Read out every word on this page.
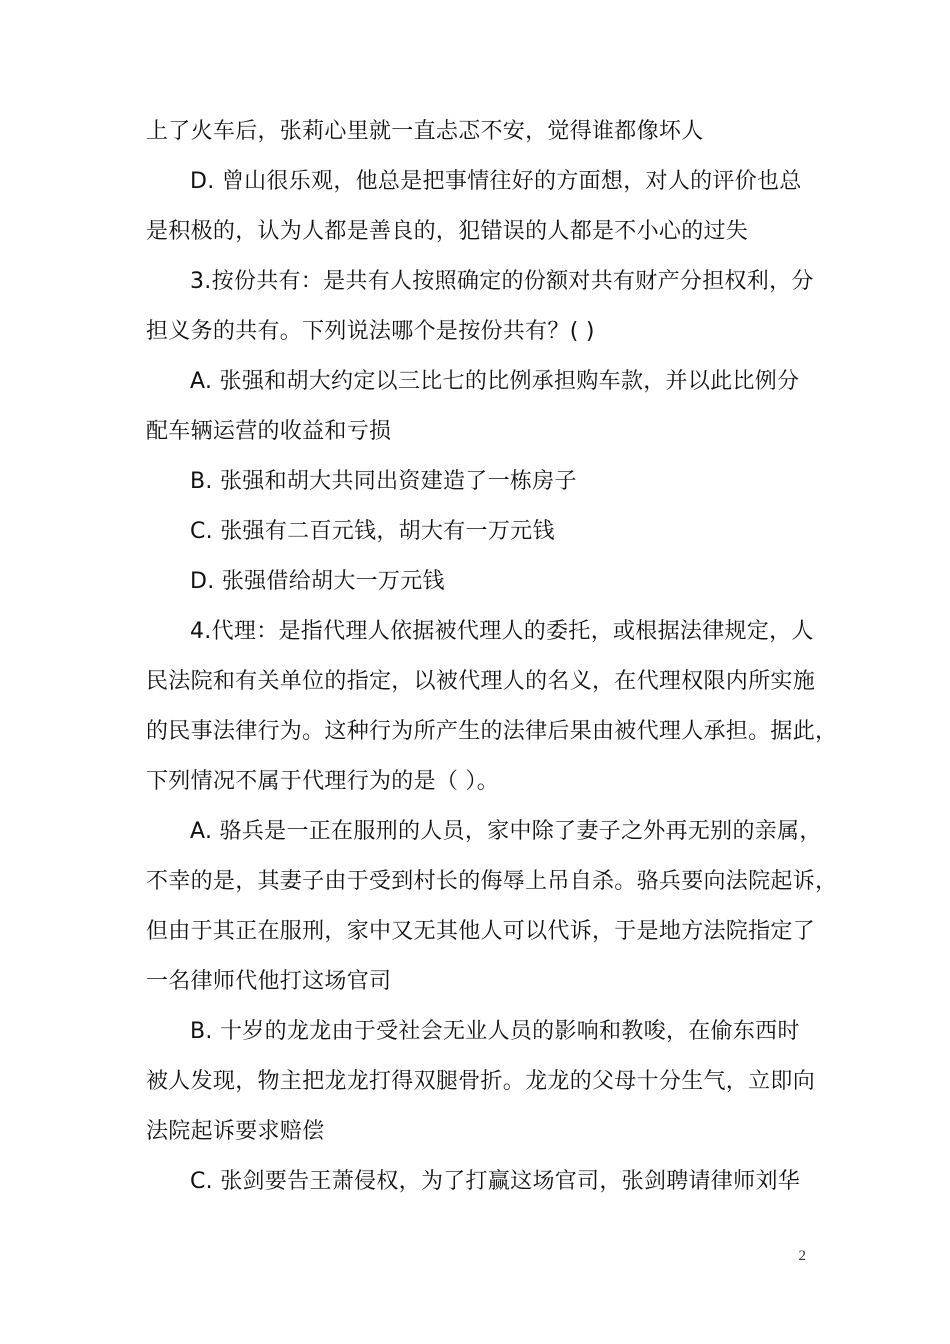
上了火车后，张莉心里就一直忐忑不安，觉得谁都像坏人
D. 曾山很乐观，他总是把事情往好的方面想，对人的评价也总
是积极的，认为人都是善良的，犯错误的人都是不小心的过失
3.按份共有：是共有人按照确定的份额对共有财产分担权利，分
担义务的共有。下列说法哪个是按份共有？( )
A. 张强和胡大约定以三比七的比例承担购车款，并以此比例分
配车辆运营的收益和亏损
B. 张强和胡大共同出资建造了一栋房子
C. 张强有二百元钱，胡大有一万元钱
D. 张强借给胡大一万元钱
4.代理：是指代理人依据被代理人的委托，或根据法律规定，人
民法院和有关单位的指定，以被代理人的名义，在代理权限内所实施
的民事法律行为。这种行为所产生的法律后果由被代理人承担。据此，
下列情况不属于代理行为的是（ ）。
A. 骆兵是一正在服刑的人员，家中除了妻子之外再无别的亲属，
不幸的是，其妻子由于受到村长的侮辱上吊自杀。骆兵要向法院起诉，
但由于其正在服刑，家中又无其他人可以代诉，于是地方法院指定了
一名律师代他打这场官司
B. 十岁的龙龙由于受社会无业人员的影响和教唆，在偷东西时
被人发现，物主把龙龙打得双腿骨折。龙龙的父母十分生气，立即向
法院起诉要求赔偿
C. 张剑要告王萧侵权，为了打赢这场官司，张剑聘请律师刘华
2
